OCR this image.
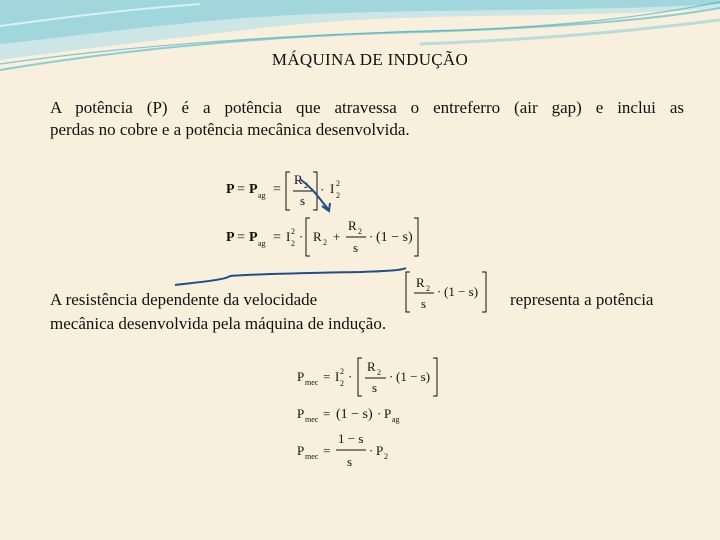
MÁQUINA DE INDUÇÃO
A potência (P) é a potência que atravessa o entreferro (air gap) e inclui as
perdas no cobre e a potência mecânica desenvolvida.
A resistência dependente da velocidade	representa a potência
mecânica desenvolvida pela máquina de indução.
P = P ag =
R 2
s
· I 2
2
P = P ag = I 2
2 · R 2 +
R 2
s
· (1 − s)
R 2
s
· (1 − s)
P mec = I 2
2 ·
R 2
s
· (1 − s)
P mec = (1 − s) · P ag
P mec =
1 − s
s
· P 2
